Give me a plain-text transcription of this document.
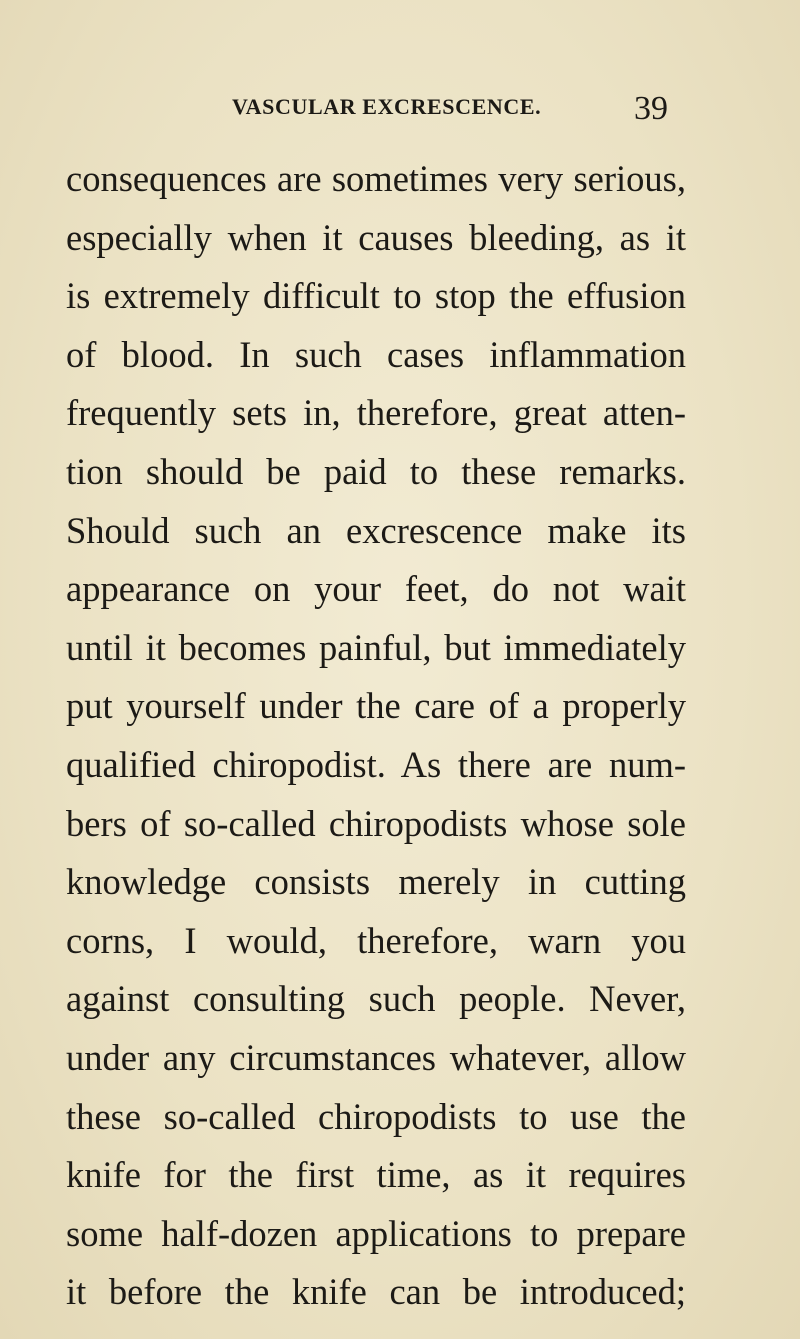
VASCULAR EXCRESCENCE.	39
consequences are sometimes very serious,
especially when it causes bleeding, as it
is extremely difficult to stop the effusion
of blood. In such cases inflammation
frequently sets in, therefore, great atten-
tion should be paid to these remarks.
Should such an excrescence make its
appearance on your feet, do not wait
until it becomes painful, but immediately
put yourself under the care of a properly
qualified chiropodist. As there are num-
bers of so-called chiropodists whose sole
knowledge consists merely in cutting
corns, I would, therefore, warn you
against consulting such people. Never,
under any circumstances whatever, allow
these so-called chiropodists to use the
knife for the first time, as it requires
some half-dozen applications to prepare
it before the knife can be introduced;
